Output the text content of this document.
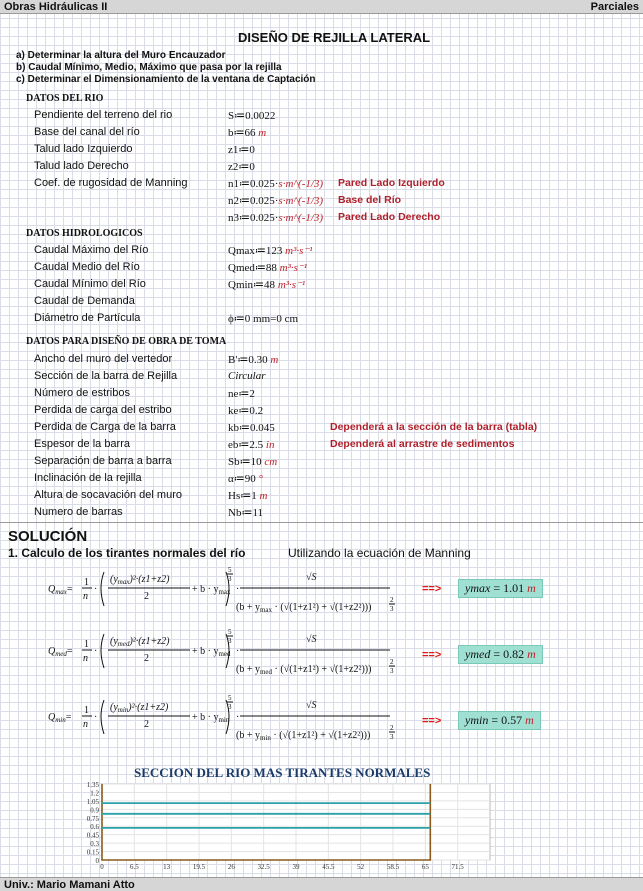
Obras Hidráulicas II	Parciales
DISEÑO DE REJILLA LATERAL
a) Determinar la altura del Muro Encauzador
b) Caudal Mínimo, Medio, Máximo que pasa por la rejilla
c) Determinar el Dimensionamiento de la ventana de Captación
DATOS DEL RIO
Pendiente del terreno del rio	S≔0.0022
Base del canal del río	b≔66 m
Talud lado Izquierdo	z1≔0
Talud lado Derecho	z2≔0
Coef. de rugosidad de Manning	n1≔0.025·s·m^(-1/3) Pared Lado Izquierdo
n2≔0.025·s·m^(-1/3) Base del Río
n3≔0.025·s·m^(-1/3) Pared Lado Derecho
DATOS HIDROLOGICOS
Caudal Máximo del Río	Qmax≔123 m³·s⁻¹
Caudal Medio del Río	Qmed≔88 m³·s⁻¹
Caudal Mínimo del Río	Qmin≔48 m³·s⁻¹
Caudal de Demanda
Diámetro de Partícula	ϕ≔0 mm=0 cm
DATOS PARA DISEÑO DE OBRA DE TOMA
Ancho del muro del vertedor	B'≔0.30 m
Sección de la barra de Rejilla	Circular
Número de estribos	ne≔2
Perdida de carga del estribo	ke≔0.2
Perdida de Carga de la barra	kb≔0.045	Dependerá a la sección de la barra (tabla)
Espesor de la barra	eb≔2.5 in	Dependerá al arrastre de sedimentos
Separación de barra a barra	Sb≔10 cm
Inclinación de la rejilla	α≔90 °
Altura de socavación del muro	Hs≔1 m
Numero de barras	Nb≔11
SOLUCIÓN
1. Calculo de los tirantes normales del río	Utilizando la ecuación de Manning
$Q_{max}=$
1
n
·
$(y_{max})^2\cdot(z1+z2)$
2
+ $b \cdot y_{max}$
5
3
·
√S
$(b + y_{max} \cdot (√(1+z1^2) + √(1+z2^2)))$
2
3
$Q_{med}=$
1
n
·
$(y_{med})^2\cdot(z1+z2)$
2
+ $b \cdot y_{med}$
5
3
·
√S
$(b + y_{med} \cdot (√(1+z1^2) + √(1+z2^2)))$
2
3
$Q_{min}=$
1
n
·
$(y_{min})^2\cdot(z1+z2)$
2
+ $b \cdot y_{min}$
5
3
·
√S
$(b + y_{min} \cdot (√(1+z1^2) + √(1+z2^2)))$
2
3
==>	ymax = 1.01 m
==>	ymed = 0.82 m
==>	ymin = 0.57 m
SECCION DEL RIO MAS TIRANTES NORMALES
0
0.15
0.3
0.45
0.6
0.75
0.9
1.05
1.2
1.35
0	6.5	13	19.5	26	32.5	39	45.5	52	58.5	65	71.5
Univ.: Mario Mamani Atto
